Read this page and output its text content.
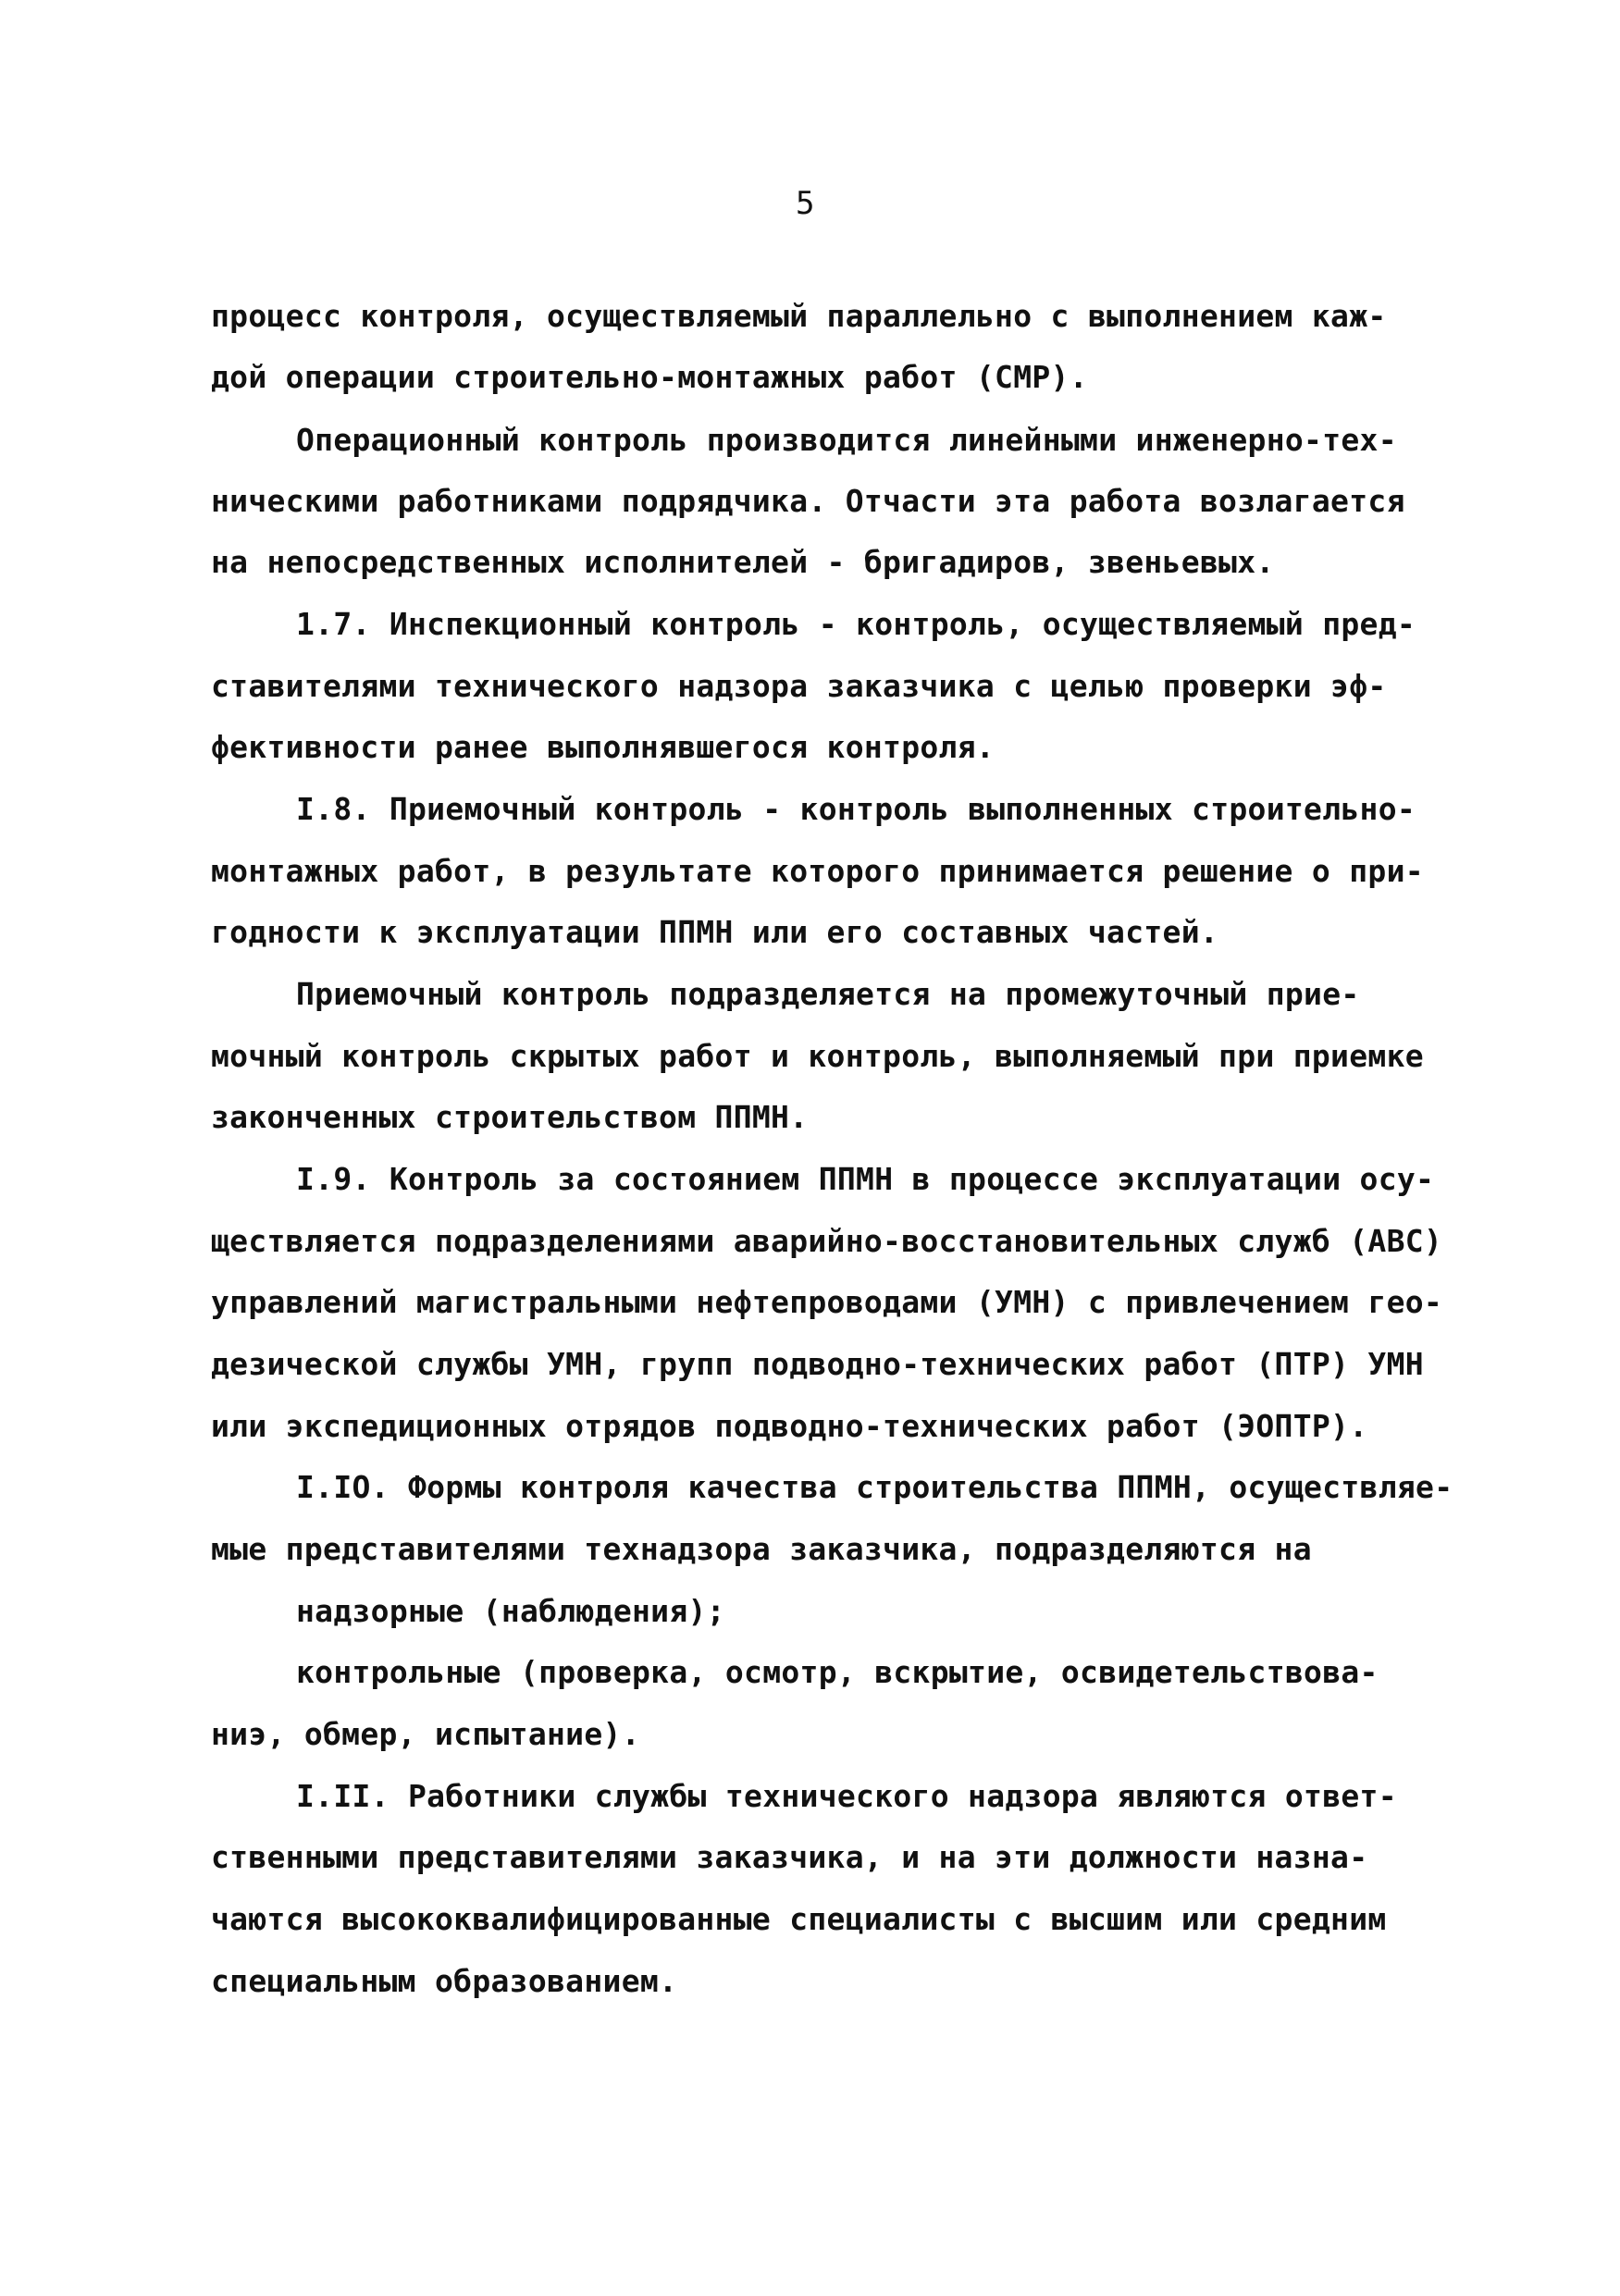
5
процесс контроля, осуществляемый параллельно с выполнением каж-
дой операции строительно-монтажных работ (СМР).
Операционный контроль производится линейными инженерно-тех-
ническими работниками подрядчика. Отчасти эта работа возлагается
на непосредственных исполнителей - бригадиров, звеньевых.
1.7. Инспекционный контроль - контроль, осуществляемый пред-
ставителями технического надзора заказчика с целью проверки эф-
фективности ранее выполнявшегося контроля.
I.8. Приемочный контроль - контроль выполненных строительно-
монтажных работ, в результате которого принимается решение о при-
годности к эксплуатации ППМН или его составных частей.
Приемочный контроль подразделяется на промежуточный прие-
мочный контроль скрытых работ и контроль, выполняемый при приемке
законченных строительством ППМН.
I.9. Контроль за состоянием ППМН в процессе эксплуатации осу-
ществляется подразделениями аварийно-восстановительных служб (АВС)
управлений магистральными нефтепроводами (УМН) с привлечением гео-
дезической службы УМН, групп подводно-технических работ (ПТР) УМН
или экспедиционных отрядов подводно-технических работ (ЭОПТР).
I.IO. Формы контроля качества строительства ППМН, осуществляе-
мые представителями технадзора заказчика, подразделяются на
надзорные (наблюдения);
контрольные (проверка, осмотр, вскрытие, освидетельствова-
ниэ, обмер, испытание).
I.II. Работники службы технического надзора являются ответ-
ственными представителями заказчика, и на эти должности назна-
чаются высококвалифицированные специалисты с высшим или средним
специальным образованием.
